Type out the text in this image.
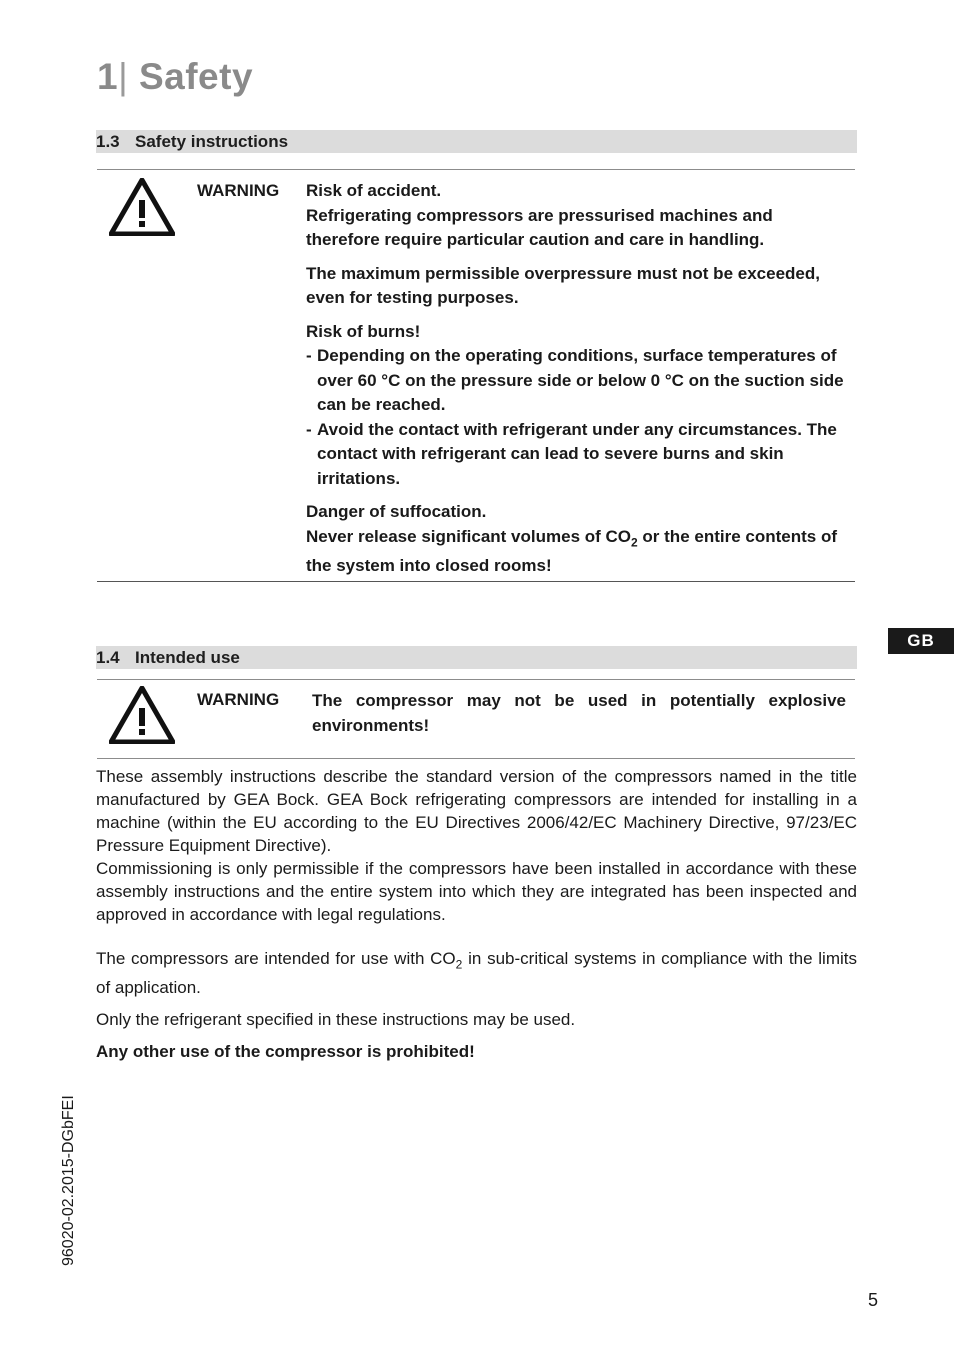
1| Safety
1.3 Safety instructions
WARNING Risk of accident.
Refrigerating compressors are pressurised machines and therefore require particular caution and care in handling.

The maximum permissible overpressure must not be exceeded, even for testing purposes.

Risk of burns!
- Depending on the operating conditions, surface temperatures of over 60 °C on the pressure side or below 0 °C on the suction side can be reached.
- Avoid the contact with refrigerant under any circumstances. The contact with refrigerant can lead to severe burns and skin irritations.

Danger of suffocation.
Never release significant volumes of $CO_2$ or the entire contents of the system into closed rooms!

1.4 Intended use
WARNING The compressor may not be used in potentially explosive environments!

These assembly instructions describe the standard version of the compressors named in the title manufactured by GEA Bock. GEA Bock refrigerating compressors are intended for installing in a machine (within the EU according to the EU Directives 2006/42/EC Machinery Directive, 97/23/EC Pressure Equipment Directive).

Commissioning is only permissible if the compressors have been installed in accordance with these assembly instructions and the entire system into which they are integrated has been inspected and approved in accordance with legal regulations.

The compressors are intended for use with $CO_2$ in sub-critical systems in compliance with the limits of application.

Only the refrigerant specified in these instructions may be used.

Any other use of the compressor is prohibited!

GB
96020-02.2015-DGbFEI
5
